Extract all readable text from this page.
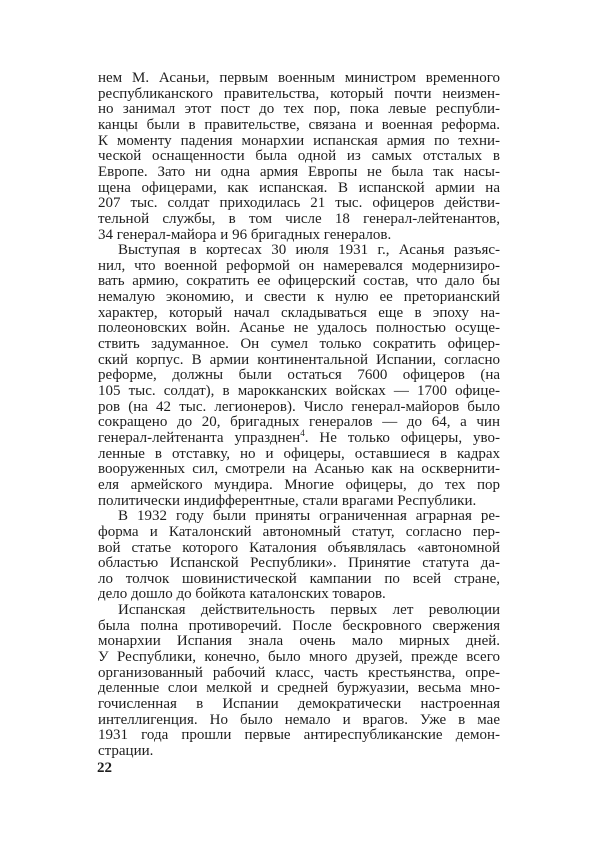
нем М. Асаньи, первым военным министром временного
республиканского правительства, который почти неизмен-
но занимал этот пост до тех пор, пока левые республи-
канцы были в правительстве, связана и военная реформа.
К моменту падения монархии испанская армия по техни-
ческой оснащенности была одной из самых отсталых в
Европе. Зато ни одна армия Европы не была так насы-
щена офицерами, как испанская. В испанской армии на
207 тыс. солдат приходилась 21 тыс. офицеров действи-
тельной службы, в том числе 18 генерал-лейтенантов,
34 генерал-майора и 96 бригадных генералов.
Выступая в кортесах 30 июля 1931 г., Асанья разъяс-
нил, что военной реформой он намеревался модернизиро-
вать армию, сократить ее офицерский состав, что дало бы
немалую экономию, и свести к нулю ее преторианский
характер, который начал складываться еще в эпоху на-
полеоновских войн. Асанье не удалось полностью осуще-
ствить задуманное. Он сумел только сократить офицер-
ский корпус. В армии континентальной Испании, согласно
реформе, должны были остаться 7600 офицеров (на
105 тыс. солдат), в марокканских войсках — 1700 офице-
ров (на 42 тыс. легионеров). Число генерал-майоров было
сокращено до 20, бригадных генералов — до 64, а чин
генерал-лейтенанта упразднен$^4$. Не только офицеры, уво-
ленные в отставку, но и офицеры, оставшиеся в кадрах
вооруженных сил, смотрели на Асанью как на осквернити-
еля армейского мундира. Многие офицеры, до тех пор
политически индифферентные, стали врагами Республики.
В 1932 году были приняты ограниченная аграрная ре-
форма и Каталонский автономный статут, согласно пер-
вой статье которого Каталония объявлялась «автономной
областью Испанской Республики». Принятие статута да-
ло толчок шовинистической кампании по всей стране,
дело дошло до бойкота каталонских товаров.
22
Испанская действительность первых лет революции
была полна противоречий. После бескровного свержения
монархии Испания знала очень мало мирных дней.
У Республики, конечно, было много друзей, прежде всего
организованный рабочий класс, часть крестьянства, опре-
деленные слои мелкой и средней буржуазии, весьма мно-
гочисленная в Испании демократически настроенная
интеллигенция. Но было немало и врагов. Уже в мае
1931 года прошли первые антиреспубликанские демон-
страции.
